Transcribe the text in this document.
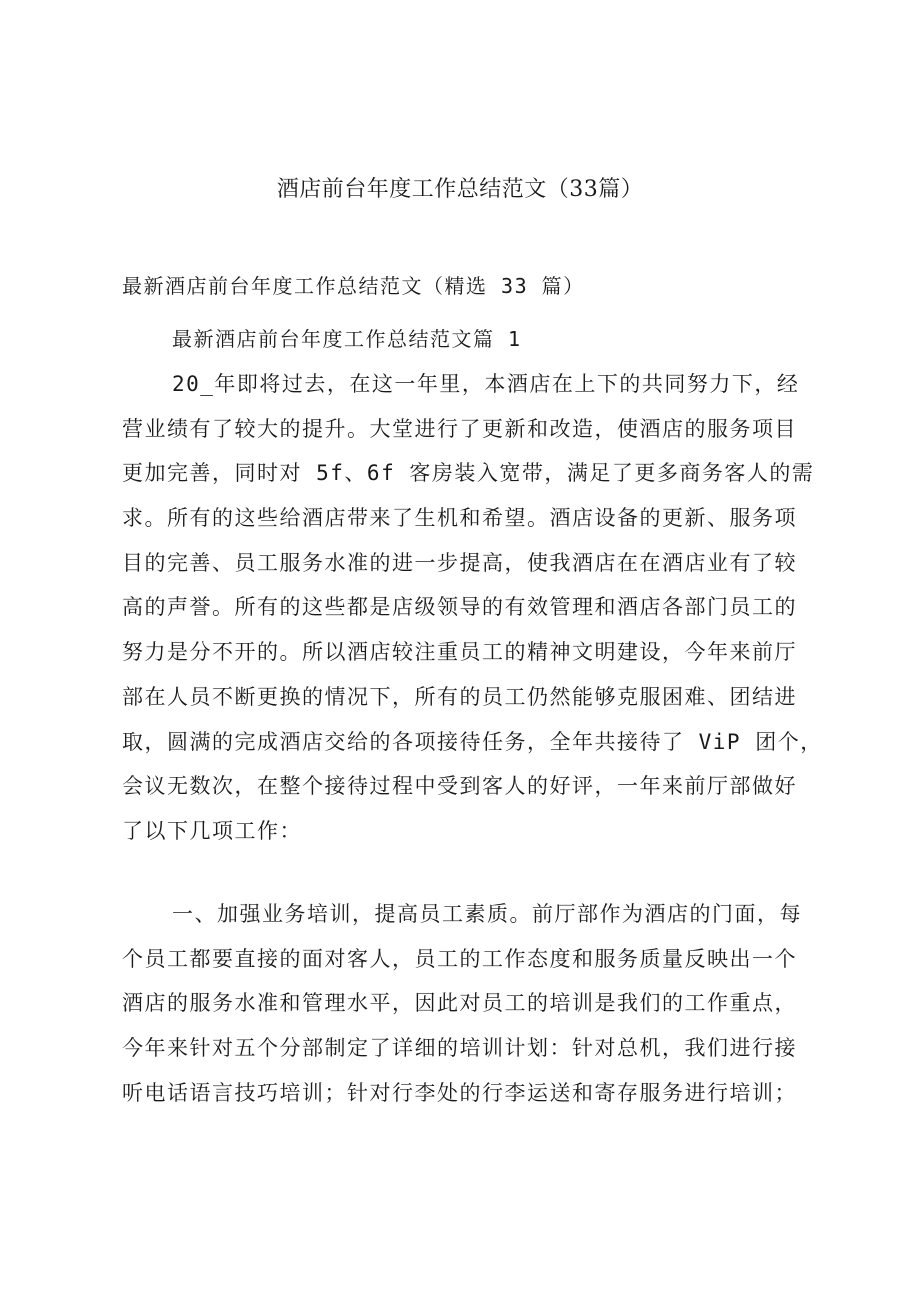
酒店前台年度工作总结范文（33篇）
最新酒店前台年度工作总结范文（精选 33 篇）
最新酒店前台年度工作总结范文篇 1
20_年即将过去，在这一年里，本酒店在上下的共同努力下，经
营业绩有了较大的提升。大堂进行了更新和改造，使酒店的服务项目
更加完善，同时对 5f、6f 客房装入宽带，满足了更多商务客人的需
求。所有的这些给酒店带来了生机和希望。酒店设备的更新、服务项
目的完善、员工服务水准的进一步提高，使我酒店在在酒店业有了较
高的声誉。所有的这些都是店级领导的有效管理和酒店各部门员工的
努力是分不开的。所以酒店较注重员工的精神文明建设，今年来前厅
部在人员不断更换的情况下，所有的员工仍然能够克服困难、团结进
取，圆满的完成酒店交给的各项接待任务，全年共接待了 ViP 团个，
会议无数次，在整个接待过程中受到客人的好评，一年来前厅部做好
了以下几项工作：
一、加强业务培训，提高员工素质。前厅部作为酒店的门面，每
个员工都要直接的面对客人，员工的工作态度和服务质量反映出一个
酒店的服务水准和管理水平，因此对员工的培训是我们的工作重点，
今年来针对五个分部制定了详细的培训计划：针对总机，我们进行接
听电话语言技巧培训；针对行李处的行李运送和寄存服务进行培训；
